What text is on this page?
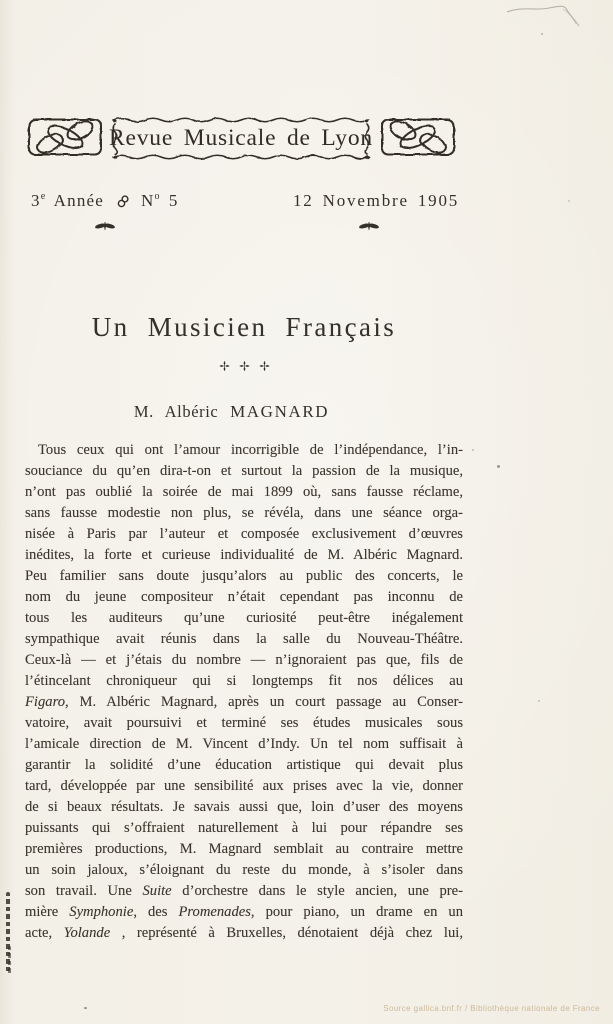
Revue Musicale de Lyon
3e Année $N^o$ 5	12 Novembre 1905
Un Musicien Français
M. Albéric MAGNARD
Tous ceux qui ont l’amour incorrigible de l’indépendance, l’in-
souciance du qu’en dira-t-on et surtout la passion de la musique,
n’ont pas oublié la soirée de mai 1899 où, sans fausse réclame,
sans fausse modestie non plus, se révéla, dans une séance orga-
nisée à Paris par l’auteur et composée exclusivement d’œuvres
inédites, la forte et curieuse individualité de M. Albéric Magnard.
Peu familier sans doute jusqu’alors au public des concerts, le
nom du jeune compositeur n’était cependant pas inconnu de
tous les auditeurs qu’une curiosité peut-être inégalement
sympathique avait réunis dans la salle du Nouveau-Théâtre.
Ceux-là — et j’étais du nombre — n’ignoraient pas que, fils de
l’étincelant chroniqueur qui si longtemps fit nos délices au
Figaro, M. Albéric Magnard, après un court passage au Conser-
vatoire, avait poursuivi et terminé ses études musicales sous
l’amicale direction de M. Vincent d’Indy. Un tel nom suffisait à
garantir la solidité d’une éducation artistique qui devait plus
tard, développée par une sensibilité aux prises avec la vie, donner
de si beaux résultats. Je savais aussi que, loin d’user des moyens
puissants qui s’offraient naturellement à lui pour répandre ses
premières productions, M. Magnard semblait au contraire mettre
un soin jaloux, s’éloignant du reste du monde, à s’isoler dans
son travail. Une Suite d’orchestre dans le style ancien, une pre-
mière Symphonie, des Promenades, pour piano, un drame en un
acte, Yolande , représenté à Bruxelles, dénotaient déjà chez lui,
Source gallica.bnf.fr / Bibliothèque nationale de France
